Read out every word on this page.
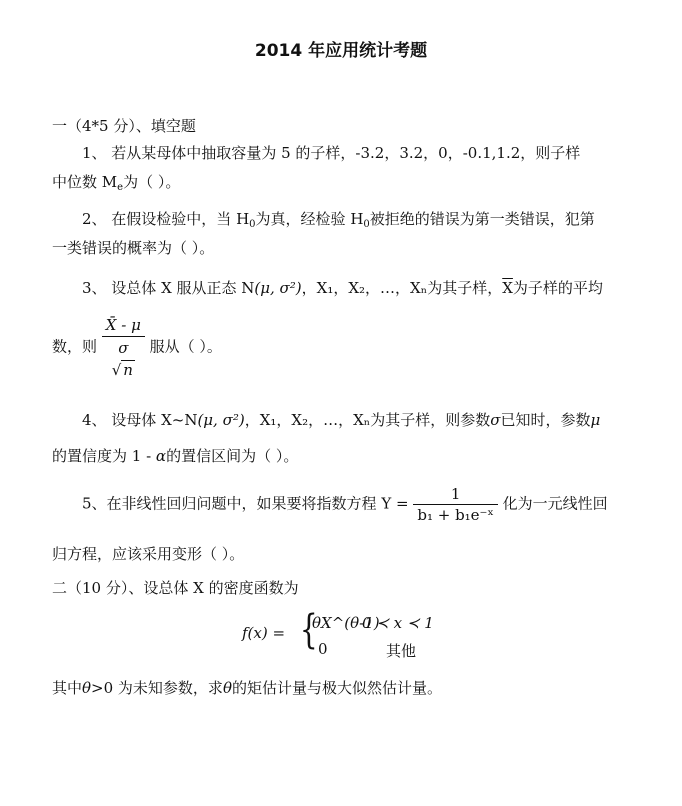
2014 年应用统计考题
一（4*5 分）、填空题
1、 若从某母体中抽取容量为 5 的子样，-3.2，3.2，0，-0.1,1.2，则子样
中位数 $M_e$为（ ）。
2、 在假设检验中，当 $H_0$为真，经检验 $H_0$被拒绝的错误为第一类错误，犯第
一类错误的概率为（ ）。
3、 设总体 X 服从正态 N(μ, σ²)，X₁，X₂，…，Xₙ为其子样，$\overline{X}$为子样的平均
数，则 X̄ - μ
σ
√ n 服从（ ）。
4、 设母体 X~N(μ, σ²)，X₁，X₂，…，Xₙ为其子样，则参数σ已知时，参数μ
的置信度为 1 - α的置信区间为（ ）。
5、在非线性回归问题中，如果要将指数方程 $Y = \frac{1}{\text{b₁ + b₁e⁻ˣ}}$ 化为一元线性回
归方程，应该采用变形（ ）。
二（10 分）、设总体 X 的密度函数为
f(x) = {
θX^(θ-1)
0 ≺ x ≺ 1
0	其他
其中θ>0 为未知参数，求θ的矩估计量与极大似然估计量。
